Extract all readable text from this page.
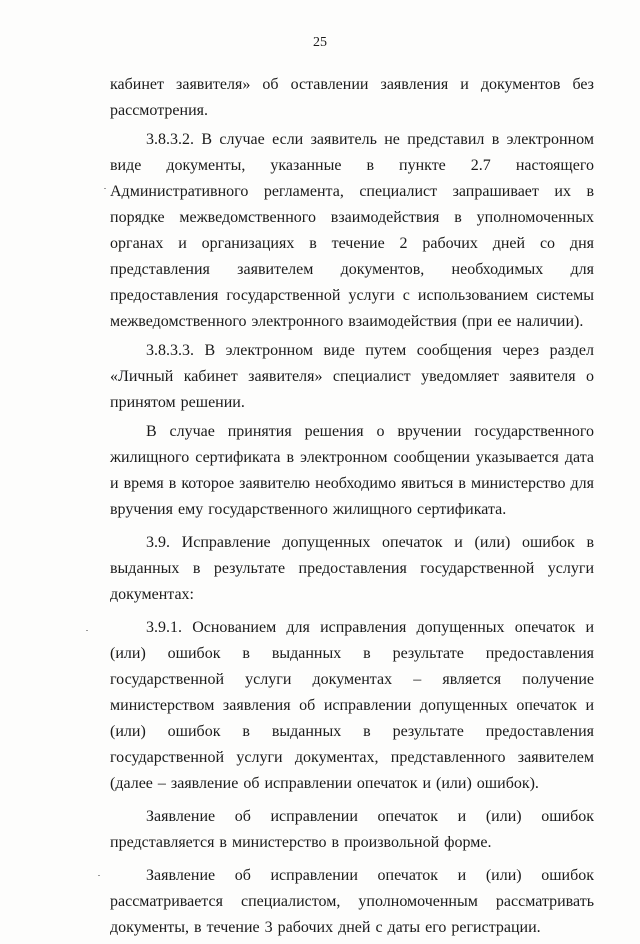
25

кабинет заявителя» об оставлении заявления и документов без рассмотрения.

3.8.3.2. В случае если заявитель не представил в электронном виде документы, указанные в пункте 2.7 настоящего Административного регламента, специалист запрашивает их в порядке межведомственного взаимодействия в уполномоченных органах и организациях в течение 2 рабочих дней со дня представления заявителем документов, необходимых для предоставления государственной услуги с использованием системы межведомственного электронного взаимодействия (при ее наличии).

3.8.3.3. В электронном виде путем сообщения через раздел «Личный кабинет заявителя» специалист уведомляет заявителя о принятом решении.

В случае принятия решения о вручении государственного жилищного сертификата в электронном сообщении указывается дата и время в которое заявителю необходимо явиться в министерство для вручения ему государственного жилищного сертификата.

3.9. Исправление допущенных опечаток и (или) ошибок в выданных в результате предоставления государственной услуги документах:

3.9.1. Основанием для исправления допущенных опечаток и (или) ошибок в выданных в результате предоставления государственной услуги документах – является получение министерством заявления об исправлении допущенных опечаток и (или) ошибок в выданных в результате предоставления государственной услуги документах, представленного заявителем (далее – заявление об исправлении опечаток и (или) ошибок).

Заявление об исправлении опечаток и (или) ошибок представляется в министерство в произвольной форме.

Заявление об исправлении опечаток и (или) ошибок рассматривается специалистом, уполномоченным рассматривать документы, в течение 3 рабочих дней с даты его регистрации.
